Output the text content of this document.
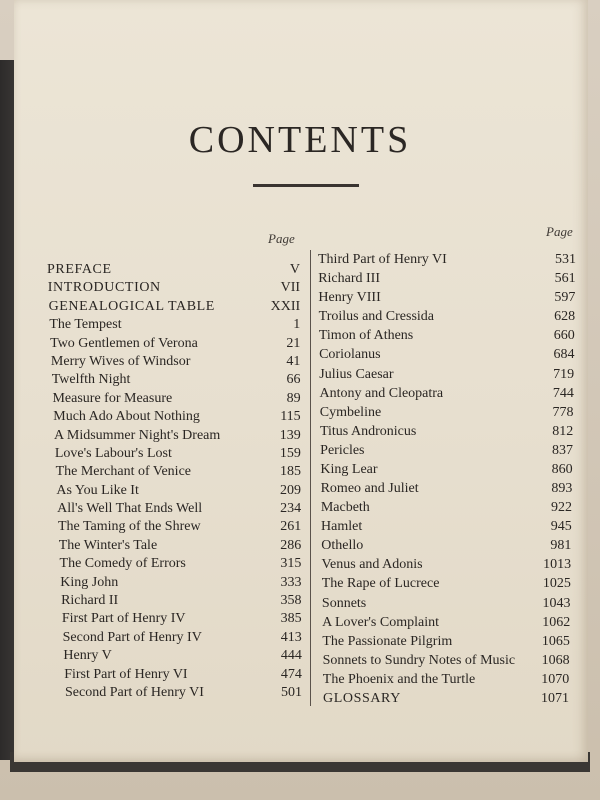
CONTENTS
Page	Page
PREFACE	V
INTRODUCTION	VII
GENEALOGICAL TABLE	XXII
The Tempest	1
Two Gentlemen of Verona	21
Merry Wives of Windsor	41
Twelfth Night	66
Measure for Measure	89
Much Ado About Nothing	115
A Midsummer Night's Dream	139
Love's Labour's Lost	159
The Merchant of Venice	185
As You Like It	209
All's Well That Ends Well	234
The Taming of the Shrew	261
The Winter's Tale	286
The Comedy of Errors	315
King John	333
Richard II	358
First Part of Henry IV	385
Second Part of Henry IV	413
Henry V	444
First Part of Henry VI	474
Second Part of Henry VI	501
Third Part of Henry VI	531
Richard III	561
Henry VIII	597
Troilus and Cressida	628
Timon of Athens	660
Coriolanus	684
Julius Caesar	719
Antony and Cleopatra	744
Cymbeline	778
Titus Andronicus	812
Pericles	837
King Lear	860
Romeo and Juliet	893
Macbeth	922
Hamlet	945
Othello	981
Venus and Adonis	1013
The Rape of Lucrece	1025
Sonnets	1043
A Lover's Complaint	1062
The Passionate Pilgrim	1065
Sonnets to Sundry Notes of Music 1068
The Phoenix and the Turtle	1070
GLOSSARY	1071
